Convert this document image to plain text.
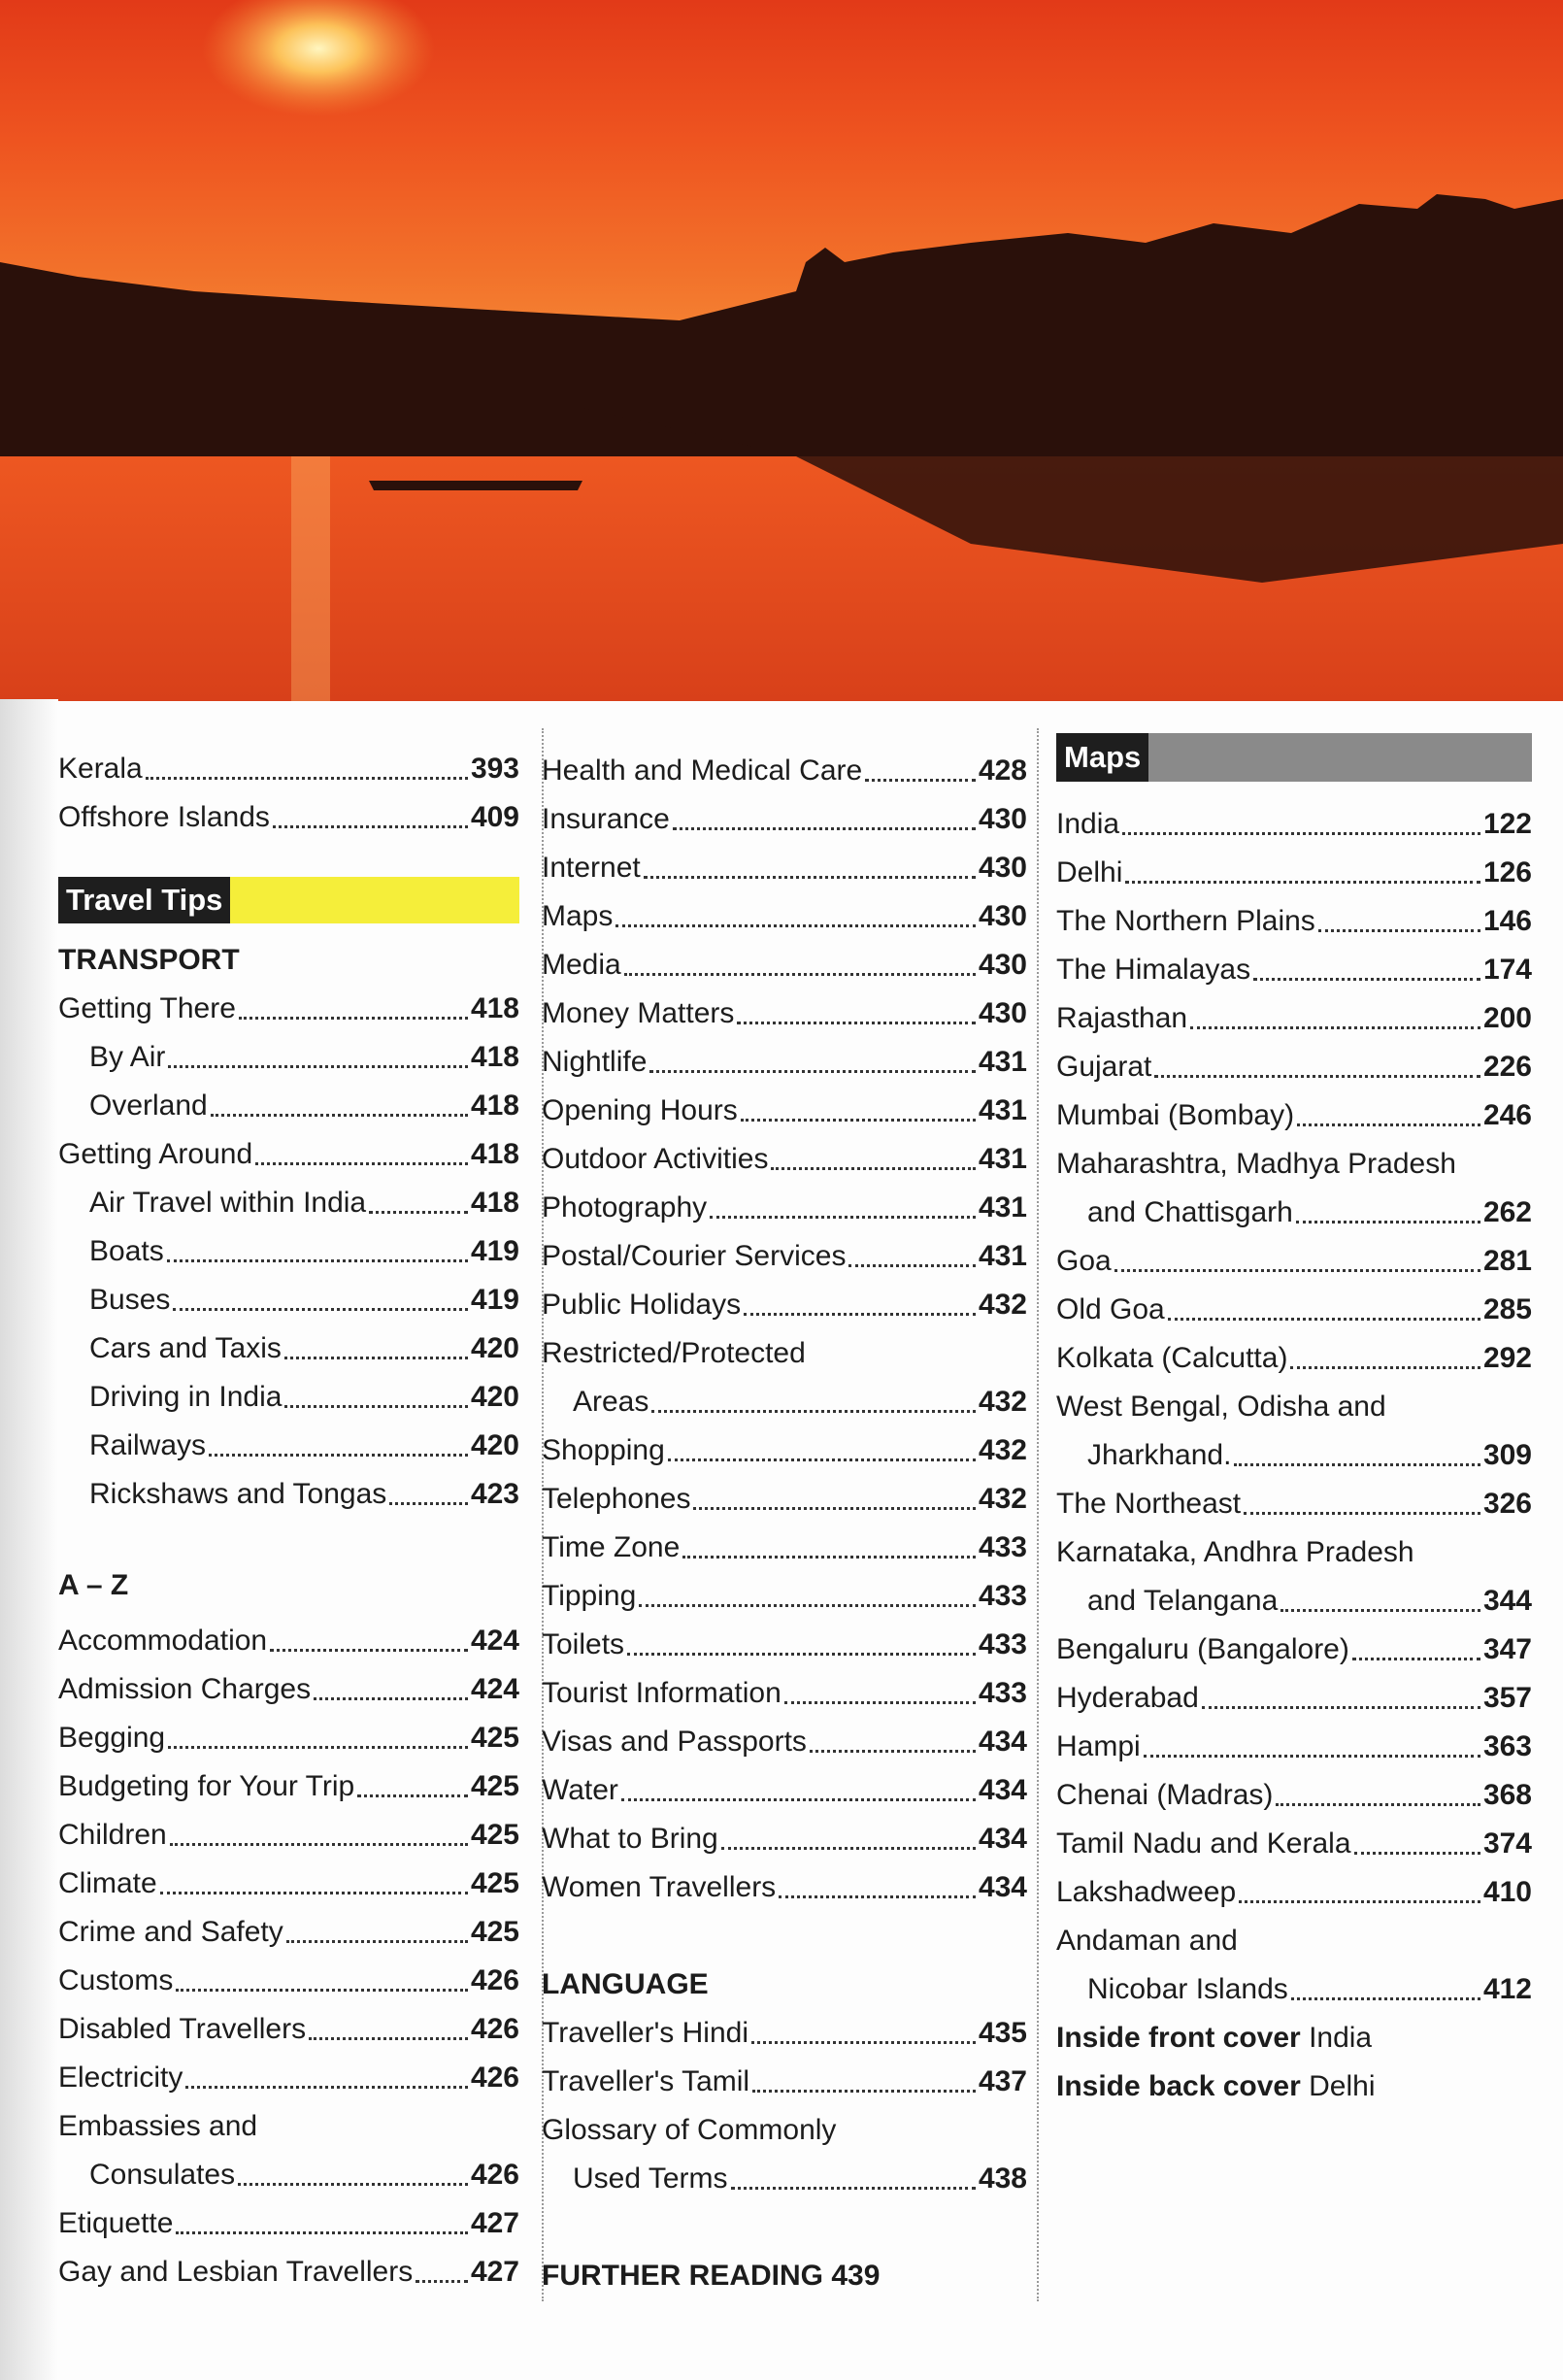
Kerala	393
Offshore Islands	409
Travel Tips
TRANSPORT
Getting There	418
By Air	418
Overland	418
Getting Around	418
Air Travel within India	418
Boats	419
Buses	419
Cars and Taxis	420
Driving in India	420
Railways	420
Rickshaws and Tongas	423
A – Z
Accommodation	424
Admission Charges	424
Begging	425
Budgeting for Your Trip	425
Children	425
Climate	425
Crime and Safety	425
Customs	426
Disabled Travellers	426
Electricity	426
Embassies and
Consulates	426
Etiquette	427
Gay and Lesbian Travellers 427
Health and Medical Care	428
Insurance	430
Internet	430
Maps	430
Media	430
Money Matters	430
Nightlife	431
Opening Hours	431
Outdoor Activities	431
Photography	431
Postal/Courier Services	431
Public Holidays	432
Restricted/Protected
Areas	432
Shopping	432
Telephones	432
Time Zone	433
Tipping	433
Toilets	433
Tourist Information	433
Visas and Passports	434
Water	434
What to Bring	434
Women Travellers	434
LANGUAGE
Traveller's Hindi	435
Traveller's Tamil	437
Glossary of Commonly
Used Terms	438
FURTHER READING 439
Maps
India	122
Delhi	126
The Northern Plains	146
The Himalayas	174
Rajasthan	200
Gujarat	226
Mumbai (Bombay)	246
Maharashtra, Madhya Pradesh
and Chattisgarh	262
Goa	281
Old Goa	285
Kolkata (Calcutta)	292
West Bengal, Odisha and
Jharkhand.	309
The Northeast	326
Karnataka, Andhra Pradesh
and Telangana	344
Bengaluru (Bangalore)	347
Hyderabad	357
Hampi	363
Chenai (Madras)	368
Tamil Nadu and Kerala	374
Lakshadweep	410
Andaman and
Nicobar Islands	412
Inside front cover
India
Inside back cover
Delhi
